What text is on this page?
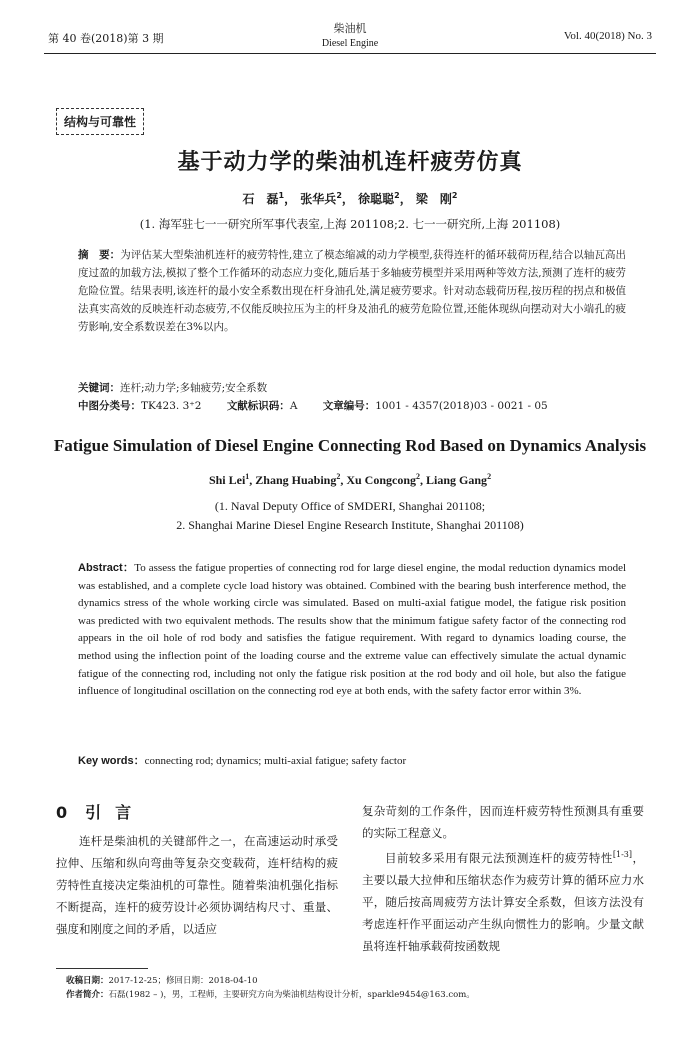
第 40 卷(2018)第 3 期
柴油机
Diesel Engine
Vol. 40(2018) No. 3
结构与可靠性
基于动力学的柴油机连杆疲劳仿真
石　磊$^1$， 张华兵$^2$， 徐聪聪$^2$， 梁　刚$^2$
(1. 海军驻七一一研究所军事代表室,上海 201108;2. 七一一研究所,上海 201108)
摘　要：为评估某大型柴油机连杆的疲劳特性,建立了模态缩减的动力学模型,获得连杆的循环载荷历程,结合以轴瓦高出度过盈的加载方法,模拟了整个工作循环的动态应力变化,随后基于多轴疲劳模型并采用两种等效方法,预测了连杆的疲劳危险位置。结果表明,该连杆的最小安全系数出现在杆身油孔处,满足疲劳要求。针对动态载荷历程,按历程的拐点和极值法真实高效的反映连杆动态疲劳,不仅能反映拉压为主的杆身及油孔的疲劳危险位置,还能体现纵向摆动对大小端孔的疲劳影响,安全系数误差在3%以内。
关键词：连杆;动力学;多轴疲劳;安全系数
中图分类号：TK423. 3⁺2 文献标识码：A 文章编号：1001 - 4357(2018)03 - 0021 - 05
Fatigue Simulation of Diesel Engine Connecting Rod Based on Dynamics Analysis
Shi Lei$^1$, Zhang Huabing$^2$, Xu Congcong$^2$, Liang Gang$^2$
(1. Naval Deputy Office of SMDERI, Shanghai 201108;
2. Shanghai Marine Diesel Engine Research Institute, Shanghai 201108)
Abstract：To assess the fatigue properties of connecting rod for large diesel engine, the modal reduction dynamics model was established, and a complete cycle load history was obtained. Combined with the bearing bush interference method, the dynamics stress of the whole working circle was simulated. Based on multi-axial fatigue model, the fatigue risk position was predicted with two equivalent methods. The results show that the minimum fatigue safety factor of the connecting rod appears in the oil hole of rod body and satisfies the fatigue requirement. With regard to dynamics loading course, the method using the inflection point of the loading course and the extreme value can effectively simulate the actual dynamic fatigue of the connecting rod, including not only the fatigue risk position at the rod body and oil hole, but also the fatigue influence of longitudinal oscillation on the connecting rod eye at both ends, with the safety factor error within 3%.
Key words：connecting rod; dynamics; multi-axial fatigue; safety factor
0 引言
连杆是柴油机的关键部件之一，在高速运动时承受拉伸、压缩和纵向弯曲等复杂交变载荷，连杆结构的疲劳特性直接决定柴油机的可靠性。随着柴油机强化指标不断提高，连杆的疲劳设计必须协调结构尺寸、重量、强度和刚度之间的矛盾，以适应

复杂苛刻的工作条件，因而连杆疲劳特性预测具有重要的实际工程意义。

目前较多采用有限元法预测连杆的疲劳特性[1-3]，主要以最大拉伸和压缩状态作为疲劳计算的循环应力水平，随后按高周疲劳方法计算安全系数，但该方法没有考虑连杆作平面运动产生纵向惯性力的影响。少量文献虽将连杆轴承载荷按函数规

收稿日期：2017-12-25；修回日期：2018-04-10
作者简介：石磊(1982 – )，男，工程师，主要研究方向为柴油机结构设计分析，sparkle9454@163.com。
